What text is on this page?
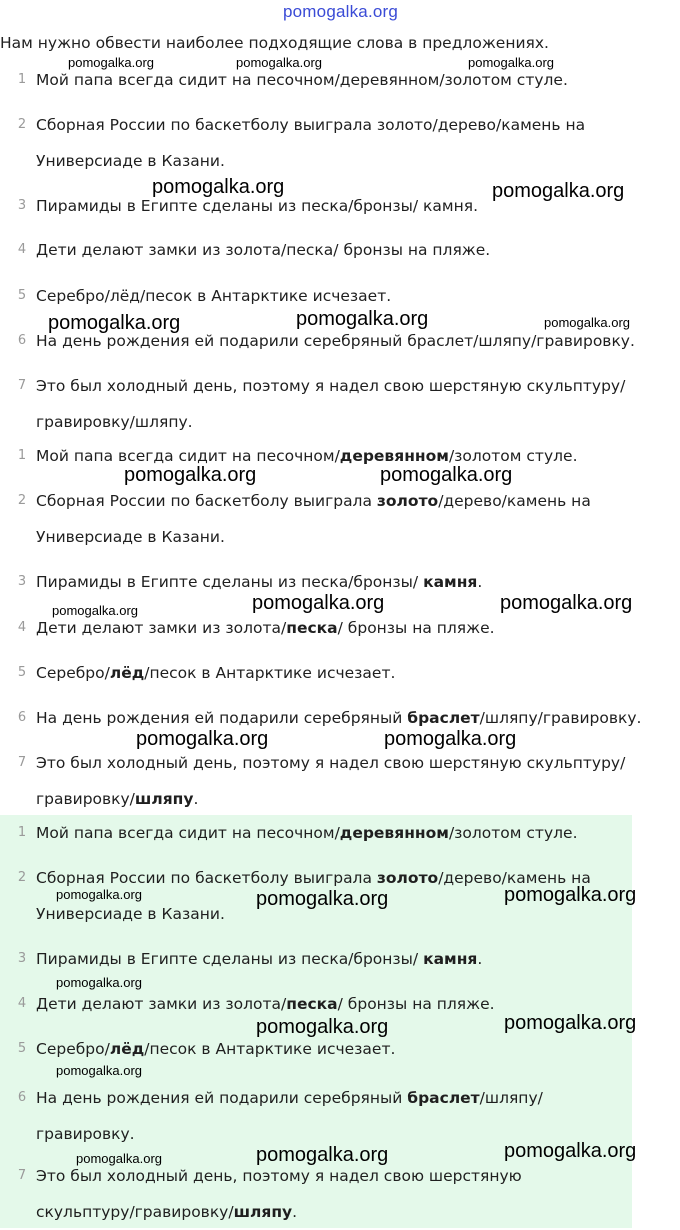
pomogalka.org
Нам нужно обвести наиболее подходящие слова в предложениях.
pomogalka.org	pomogalka.org	pomogalka.org
pomogalka.org	pomogalka.org
pomogalka.org	pomogalka.org	pomogalka.org
pomogalka.org	pomogalka.org
pomogalka.org	pomogalka.org	pomogalka.org
pomogalka.org	pomogalka.org
pomogalka.org	pomogalka.org	pomogalka.org
pomogalka.org
pomogalka.org	pomogalka.org
pomogalka.org
pomogalka.org	pomogalka.org	pomogalka.org
1 Мой папа всегда сидит на песочном/деревянном/золотом стуле.
2 Сборная России по баскетболу выиграла золото/дерево/камень на
Универсиаде в Казани.
3 Пирамиды в Египте сделаны из песка/бронзы/ камня.
4 Дети делают замки из золота/песка/ бронзы на пляже.
5 Серебро/лёд/песок в Антарктике исчезает.
6 На день рождения ей подарили серебряный браслет/шляпу/гравировку.
7 Это был холодный день, поэтому я надел свою шерстяную скульптуру/
гравировку/шляпу.
1 Мой папа всегда сидит на песочном/деревянном/золотом стуле.
2 Сборная России по баскетболу выиграла золото/дерево/камень на
Универсиаде в Казани.
3 Пирамиды в Египте сделаны из песка/бронзы/ камня.
4 Дети делают замки из золота/песка/ бронзы на пляже.
5 Серебро/лёд/песок в Антарктике исчезает.
6 На день рождения ей подарили серебряный браслет/шляпу/гравировку.
7 Это был холодный день, поэтому я надел свою шерстяную скульптуру/
гравировку/шляпу.
1 Мой папа всегда сидит на песочном/деревянном/золотом стуле.
2 Сборная России по баскетболу выиграла золото/дерево/камень на
Универсиаде в Казани.
3 Пирамиды в Египте сделаны из песка/бронзы/ камня.
4 Дети делают замки из золота/песка/ бронзы на пляже.
5 Серебро/лёд/песок в Антарктике исчезает.
6 На день рождения ей подарили серебряный браслет/шляпу/
гравировку.
7 Это был холодный день, поэтому я надел свою шерстяную
скульптуру/гравировку/шляпу.
